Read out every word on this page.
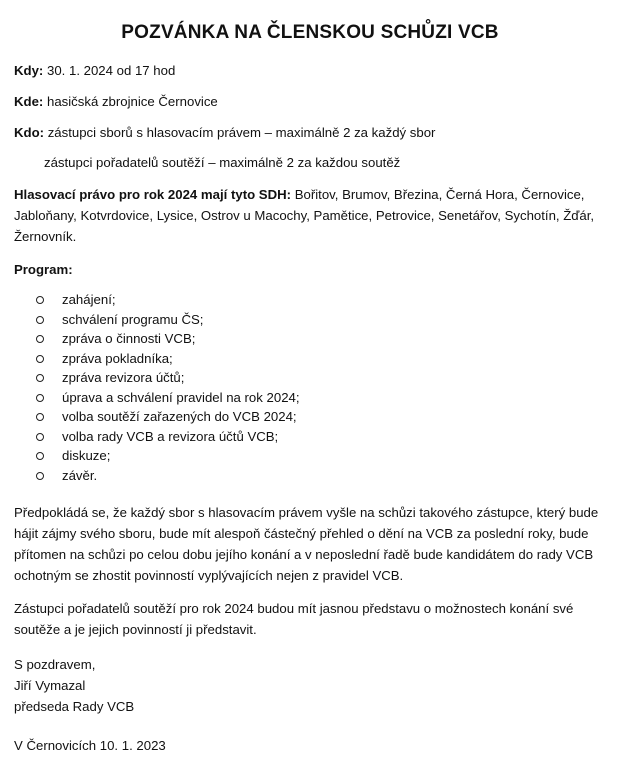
POZVÁNKA NA ČLENSKOU SCHŮZI VCB
Kdy: 30. 1. 2024 od 17 hod
Kde: hasičská zbrojnice Černovice
Kdo: zástupci sborů s hlasovacím právem – maximálně 2 za každý sbor
zástupci pořadatelů soutěží – maximálně 2 za každou soutěž
Hlasovací právo pro rok 2024 mají tyto SDH: Bořitov, Brumov, Březina, Černá Hora, Černovice,
Jabloňany, Kotvrdovice, Lysice, Ostrov u Macochy, Pamětice, Petrovice, Senetářov, Sychotín, Žďár,
Žernovník.
Program:
zahájení;
schválení programu ČS;
zpráva o činnosti VCB;
zpráva pokladníka;
zpráva revizora účtů;
úprava a schválení pravidel na rok 2024;
volba soutěží zařazených do VCB 2024;
volba rady VCB a revizora účtů VCB;
diskuze;
závěr.
Předpokládá se, že každý sbor s hlasovacím právem vyšle na schůzi takového zástupce, který bude
hájit zájmy svého sboru, bude mít alespoň částečný přehled o dění na VCB za poslední roky, bude
přítomen na schůzi po celou dobu jejího konání a v neposlední řadě bude kandidátem do rady VCB
ochotným se zhostit povinností vyplývajících nejen z pravidel VCB.
Zástupci pořadatelů soutěží pro rok 2024 budou mít jasnou představu o možnostech konání své
soutěže a je jejich povinností ji představit.
S pozdravem,
Jiří Vymazal
předseda Rady VCB
V Černovicích 10. 1. 2023
